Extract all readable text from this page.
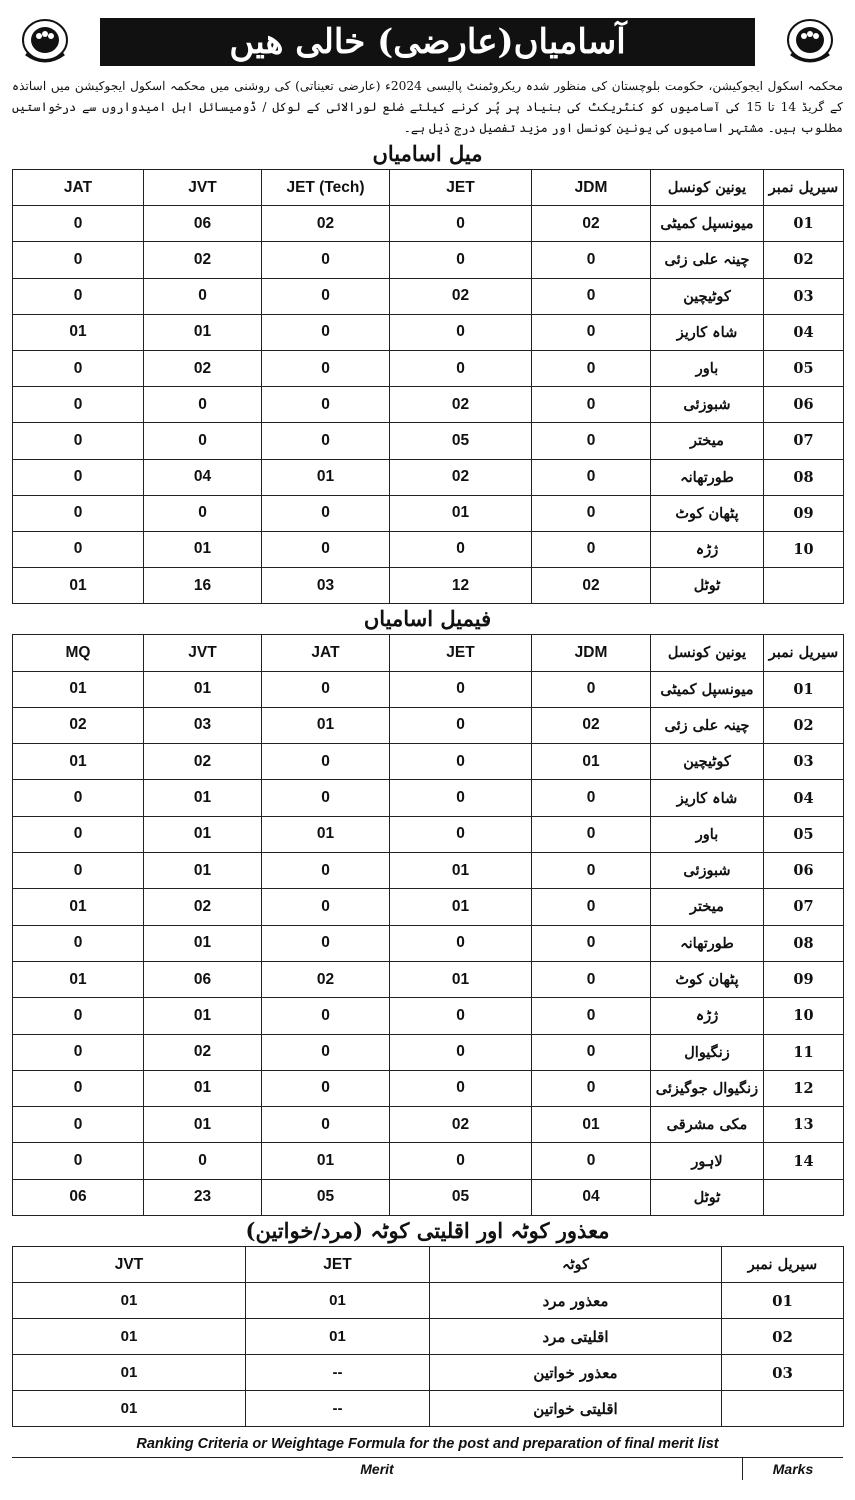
آسامیاں(عارضی) خالی ھیں
محکمہ اسکول ایجوکیشن، حکومت بلوچستان کی منظور شدہ ریکروٹمنٹ پالیسی 2024ء (عارضی تعیناتی) کی روشنی میں محکمہ اسکول ایجوکیشن میں اساتذہ کے گریڈ 14 تا 15 کی آسامیوں کو کنٹریکٹ کی بنیاد پر پُر کرنے کیلئے ضلع لورالائی کے لوکل / ڈومیسائل اہل امیدواروں سے درخواستیں مطلوب ہیں۔ مشتہر اسامیوں کی یونین کونسل اور مزید تفصیل درج ذیل ہے۔
میل اسامیاں
JAT	JVT	JET (Tech)	JET	JDM	یونین کونسل	سیریل نمبر
0	06	02	0	02	میونسپل کمیٹی	01
0	02	0	0	0	چینہ علی زئی	02
0	0	0	02	0	کوٹیچین	03
01	01	0	0	0	شاہ کاریز	04
0	02	0	0	0	باور	05
0	0	0	02	0	شبوزئی	06
0	0	0	05	0	میختر	07
0	04	01	02	0	طورتھانہ	08
0	0	0	01	0	پٹھان کوٹ	09
0	01	0	0	0	ژڑہ	10
01	16	03	12	02	ٹوٹل	
فیمیل اسامیاں
MQ	JVT	JAT	JET	JDM	یونین کونسل	سیریل نمبر
01	01	0	0	0	میونسپل کمیٹی	01
02	03	01	0	02	چینہ علی زئی	02
01	02	0	0	01	کوٹیچین	03
0	01	0	0	0	شاہ کاریز	04
0	01	01	0	0	باور	05
0	01	0	01	0	شبوزئی	06
01	02	0	01	0	میختر	07
0	01	0	0	0	طورتھانہ	08
01	06	02	01	0	پٹھان کوٹ	09
0	01	0	0	0	ژڑہ	10
0	02	0	0	0	زنگیوال	11
0	01	0	0	0	زنگیوال جوگیزئی	12
0	01	0	02	01	مکی مشرقی	13
0	0	01	0	0	لاہور	14
06	23	05	05	04	ٹوٹل	
معذور کوٹہ اور اقلیتی کوٹہ (مرد/خواتین)
JVT	JET	کوٹہ	سیریل نمبر
01	01	معذور مرد	01
01	01	اقلیتی مرد	02
01	--	معذور خواتین	03
01	--	اقلیتی خواتین	
Ranking Criteria or Weightage Formula for the post and preparation of final merit list
Merit	Marks
